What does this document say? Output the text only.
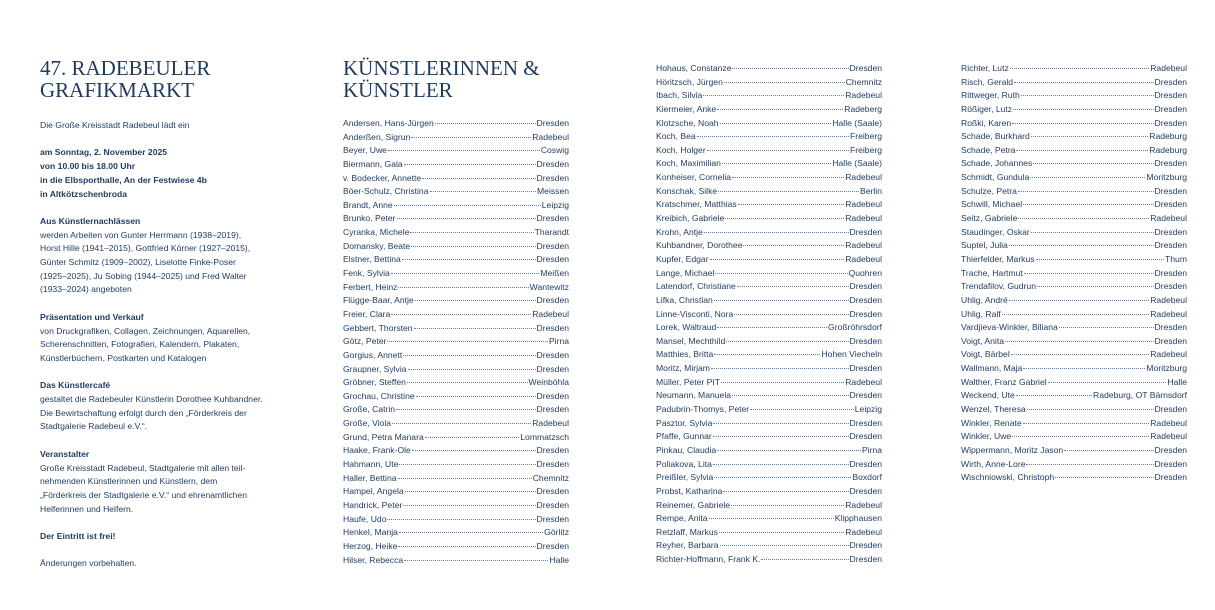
47. RADEBEULER GRAFIKMARKT

Die Große Kreisstadt Radebeul lädt ein

am Sonntag, 2. November 2025
von 10.00 bis 18.00 Uhr
in die Elbsporthalle, An der Festwiese 4b
in Altkötzschenbroda

Aus Künstlernachlässen
werden Arbeiten von Gunter Herrmann (1938–2019),
Horst Hille (1941–2015), Gottfried Körner (1927–2015),
Günter Schmitz (1909–2002), Liselotte Finke-Poser
(1925–2025), Ju Sobing (1944–2025) und Fred Walter
(1933–2024) angeboten

Präsentation und Verkauf
von Druckgrafiken, Collagen, Zeichnungen, Aquarellen,
Scherenschnitten, Fotografien, Kalendern, Plakaten,
Künstlerbüchern, Postkarten und Katalogen

Das Künstlercafé
gestaltet die Radebeuler Künstlerin Dorothee Kuhbandner.
Die Bewirtschaftung erfolgt durch den „Förderkreis der
Stadtgalerie Radebeul e.V.“.

Veranstalter
Große Kreisstadt Radebeul, Stadtgalerie mit allen teil-
nehmenden Künstlerinnen und Künstlern, dem
„Förderkreis der Stadtgalerie e.V.“ und ehrenamtlichen
Helferinnen und Helfern.

Der Eintritt ist frei!

Änderungen vorbehalten.

KÜNSTLERINNEN & KÜNSTLER
Andersen, Hans-Jürgen	Dresden
Anderßen, Sigrun	Radebeul
Beyer, Uwe	Coswig
Biermann, Gala	Dresden
v. Bodecker, Annette	Dresden
Böer-Schulz, Christina	Meissen
Brandt, Anne	Leipzig
Brunko, Peter	Dresden
Cyranka, Michele	Tharandt
Domansky, Beate	Dresden
Elstner, Bettina	Dresden
Fenk, Sylvia	Meißen
Ferbert, Heinz	Wantewitz
Flügge-Baar, Antje	Dresden
Freier, Clara	Radebeul
Gebbert, Thorsten	Dresden
Götz, Peter	Pirna
Gorgius, Annett	Dresden
Graupner, Sylvia	Dresden
Gröbner, Steffen	Weinböhla
Grochau, Christine	Dresden
Große, Catrin	Dresden
Große, Viola	Radebeul
Grund, Petra Manara	Lommatzsch
Haake, Frank-Ole	Dresden
Hahmann, Ute	Dresden
Haller, Bettina	Chemnitz
Hampel, Angela	Dresden
Handrick, Peter	Dresden
Haufe, Udo	Dresden
Henkel, Manja	Görlitz
Herzog, Heike	Dresden
Hilser, Rebecca	Halle
Hohaus, Constanze	Dresden
Höritzsch, Jürgen	Chemnitz
Ibach, Silvia	Radebeul
Kiermeier, Anke	Radeberg
Klotzsche, Noah	Halle (Saale)
Koch, Bea	Freiberg
Koch, Holger	Freiberg
Koch, Maximilian	Halle (Saale)
Konheiser, Cornelia	Radebeul
Konschak, Silke	Berlin
Kratschmer, Matthias	Radebeul
Kreibich, Gabriele	Radebeul
Krohn, Antje	Dresden
Kuhbandner, Dorothee	Radebeul
Kupfer, Edgar	Radebeul
Lange, Michael	Quohren
Latendorf, Christiane	Dresden
Lifka, Christian	Dresden
Linne-Visconti, Nora	Dresden
Lorek, Waltraud	Großröhrsdorf
Mansel, Mechthild	Dresden
Matthies, Britta	Hohen Viecheln
Moritz, Mirjam	Dresden
Müller, Peter PIT	Radebeul
Neumann, Manuela	Dresden
Padubrin-Thomys, Peter	Leipzig
Pasztor, Sylvia	Dresden
Pfaffe, Gunnar	Dresden
Pinkau, Claudia	Pirna
Poliakova, Lita	Dresden
Preißler, Sylvia	Boxdorf
Probst, Katharina	Dresden
Reinemer, Gabriele	Radebeul
Rempe, Anita	Klipphausen
Retzlaff, Markus	Radebeul
Reyher, Barbara	Dresden
Richter-Hoffmann, Frank K.	Dresden
Richter, Lutz	Radebeul
Risch, Gerald	Dresden
Rittweger, Ruth	Dresden
Rößiger, Lutz	Dresden
Roßki, Karen	Dresden
Schade, Burkhard	Radeburg
Schade, Petra	Radeburg
Schade, Johannes	Dresden
Schmidt, Gundula	Moritzburg
Schulze, Petra	Dresden
Schwill, Michael	Dresden
Seitz, Gabriele	Radebeul
Staudinger, Oskar	Dresden
Suptel, Julia	Dresden
Thierfelder, Markus	Thum
Trache, Hartmut	Dresden
Trendafilov, Gudrun	Dresden
Uhlig, André	Radebeul
Uhlig, Ralf	Radebeul
Vardjieva-Winkler, Biliana	Dresden
Voigt, Anita	Dresden
Voigt, Bärbel	Radebeul
Wallmann, Maja	Moritzburg
Walther, Franz Gabriel	Halle
Weckend, Ute	Radeburg, OT Bärnsdorf
Wenzel, Theresa	Dresden
Winkler, Renate	Radebeul
Winkler, Uwe	Radebeul
Wippermann, Moritz Jason	Dresden
Wirth, Anne-Lore	Dresden
Wischniowski, Christoph	Dresden
